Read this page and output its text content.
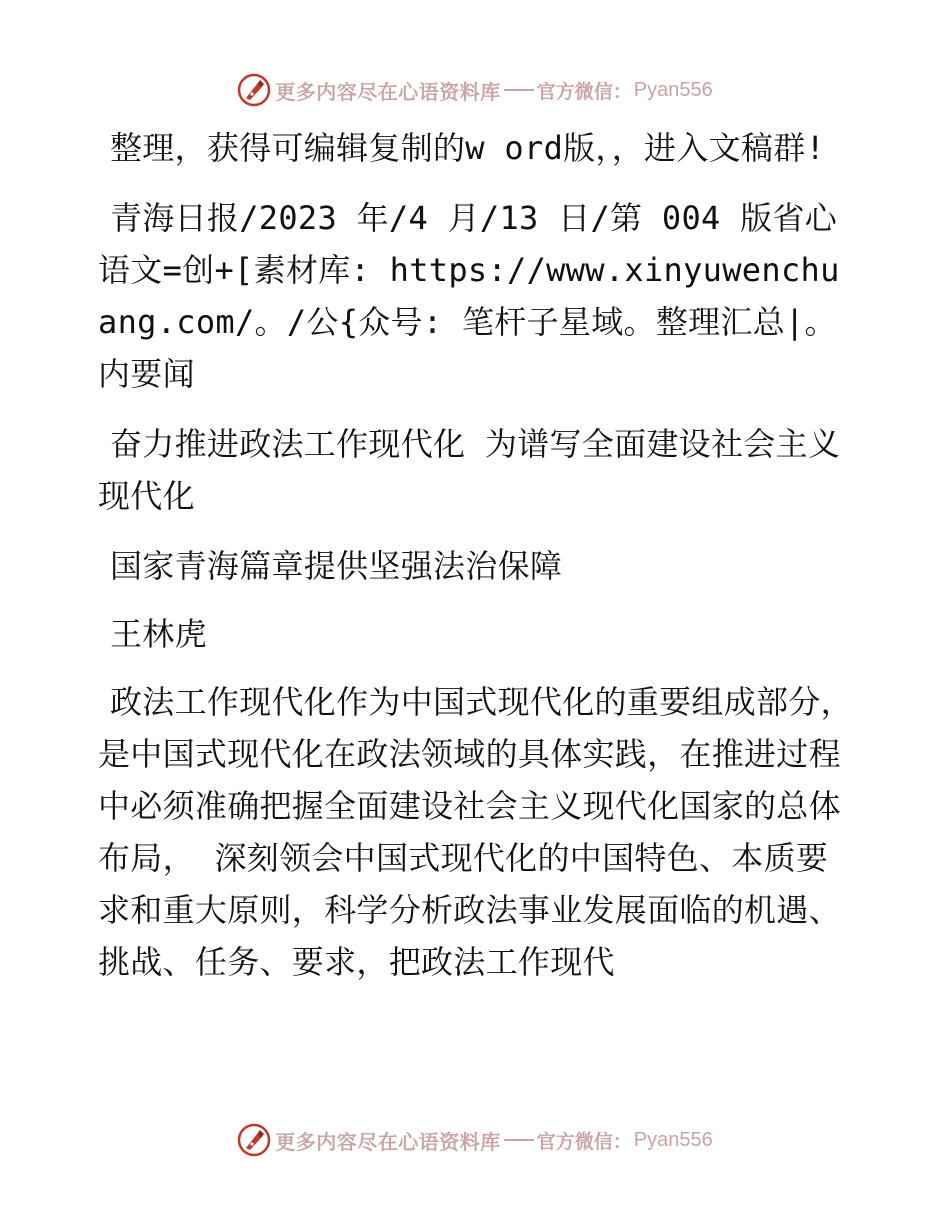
更多内容尽在心语资料库 官方微信： Pyan556

整理，获得可编辑复制的w ord版，，进入文稿群!

青海日报/2023 年/4 月/13 日/第 004 版省心语文=创+[素材库: https://www.xinyuwenchuang.com/。/公{众号: 笔杆子星域。整理汇总|。内要闻

奋力推进政法工作现代化 为谱写全面建设社会主义现代化

国家青海篇章提供坚强法治保障

王林虎

政法工作现代化作为中国式现代化的重要组成部分，是中国式现代化在政法领域的具体实践，在推进过程中必须准确把握全面建设社会主义现代化国家的总体布局， 深刻领会中国式现代化的中国特色、本质要求和重大原则，科学分析政法事业发展面临的机遇、挑战、任务、要求，把政法工作现代

更多内容尽在心语资料库 官方微信： Pyan556
